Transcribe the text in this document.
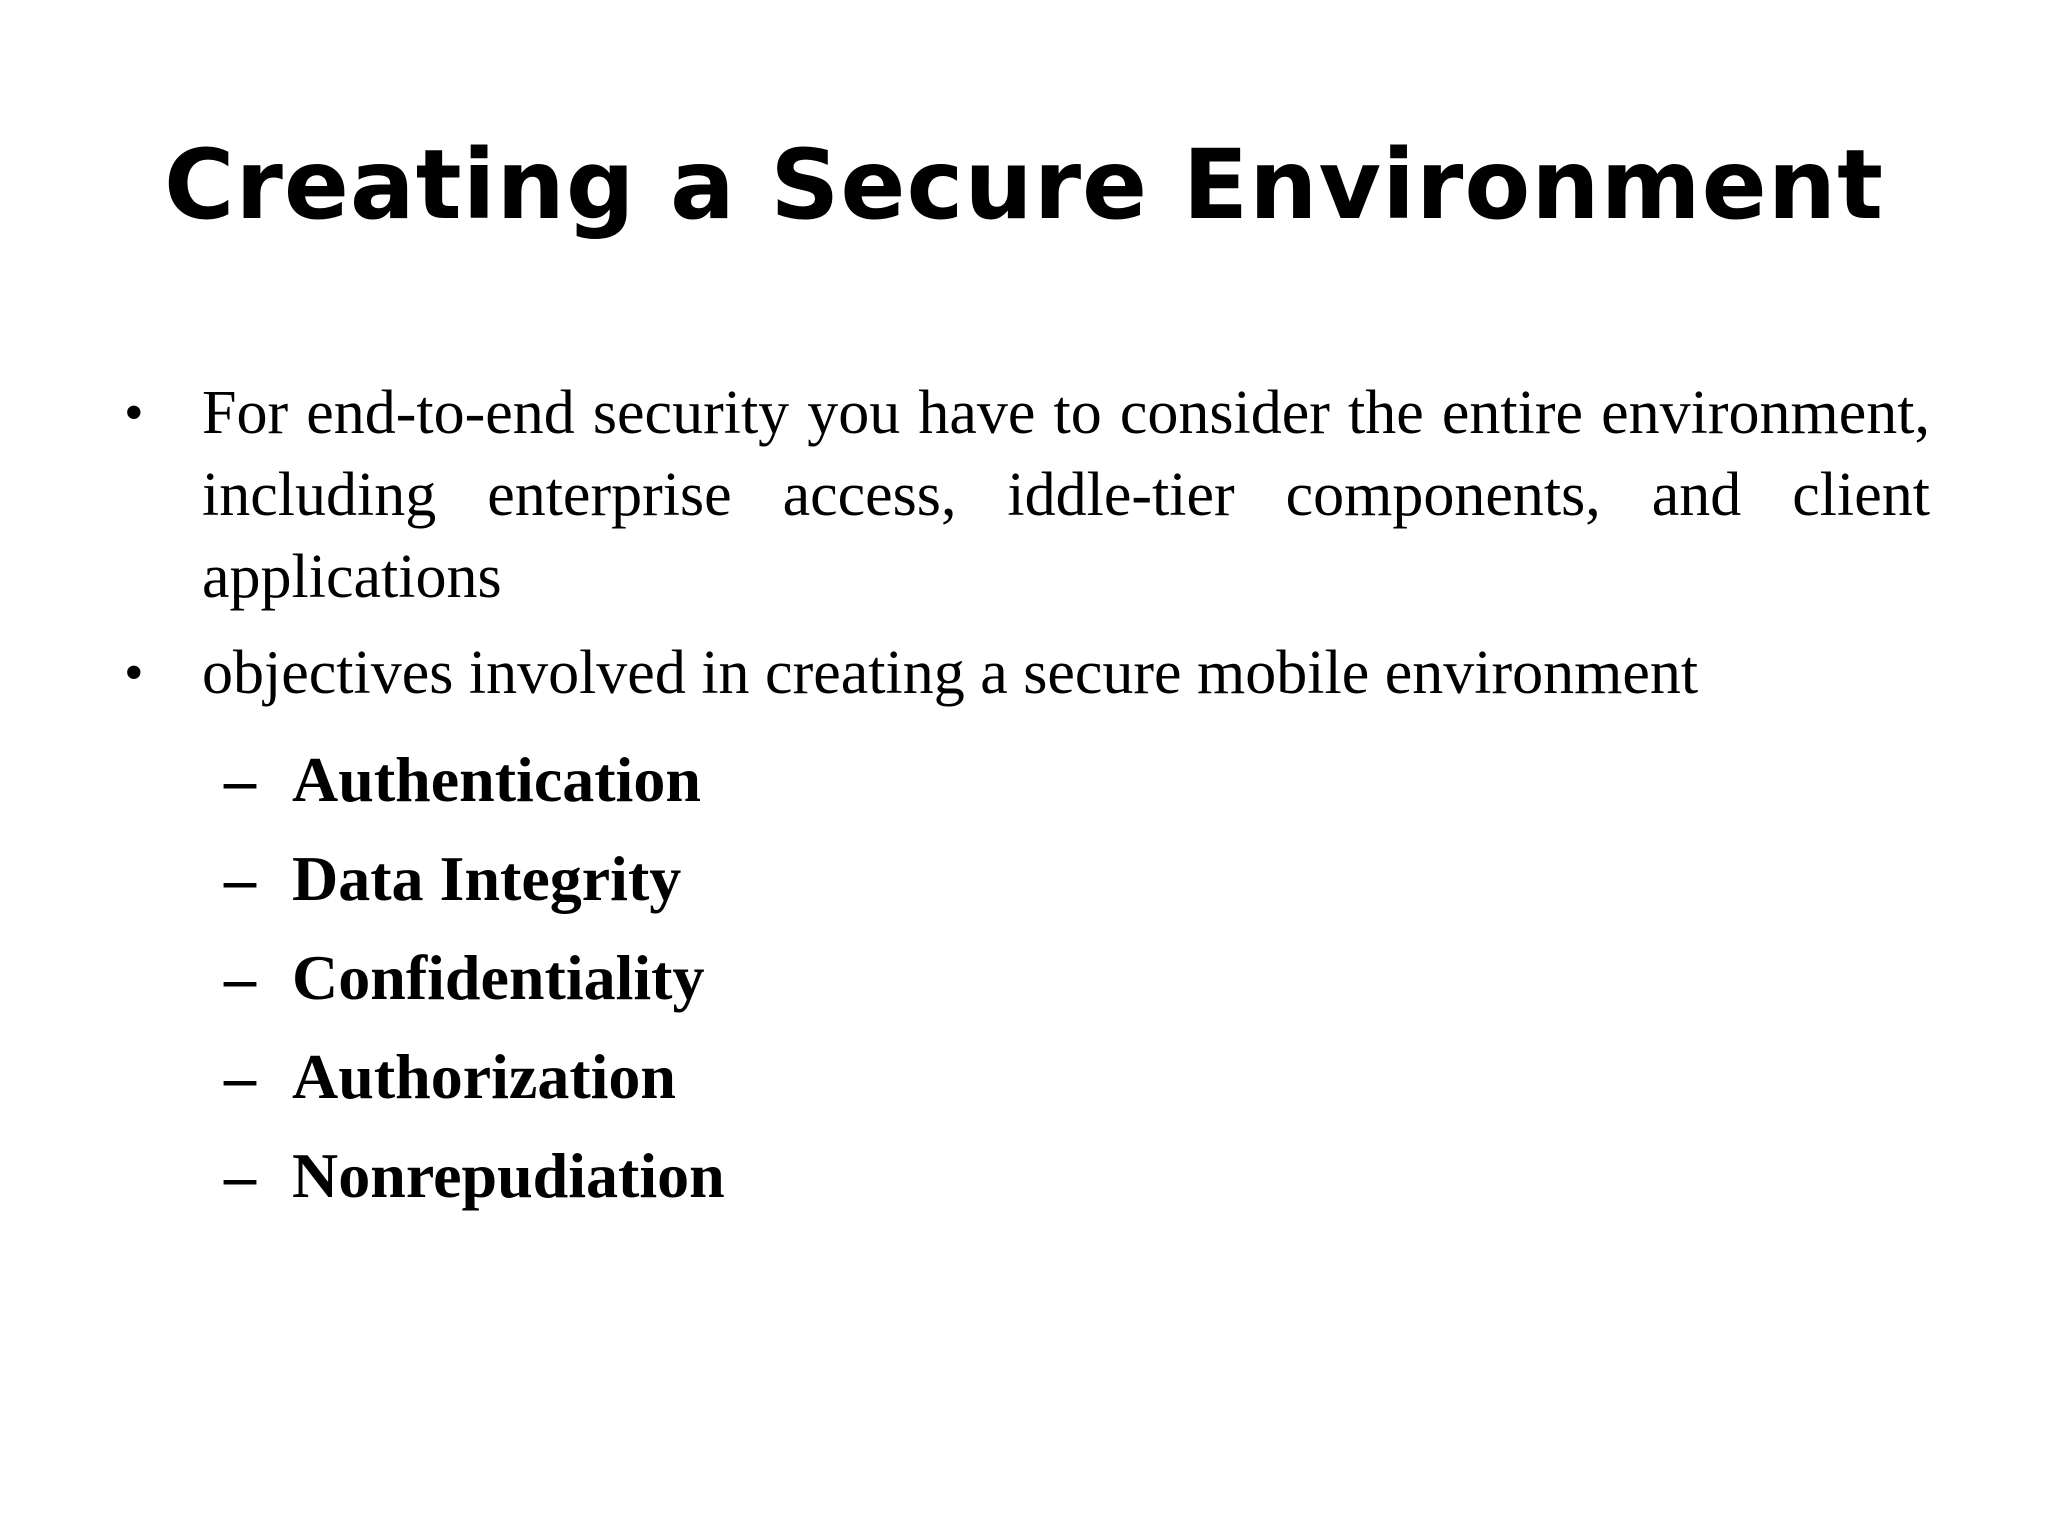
Creating a Secure Environment
• For end-to-end security you have to consider the entire environment, including enterprise access, iddle-tier components, and client applications
• objectives involved in creating a secure mobile environment
– Authentication
– Data Integrity
– Confidentiality
– Authorization
– Nonrepudiation
